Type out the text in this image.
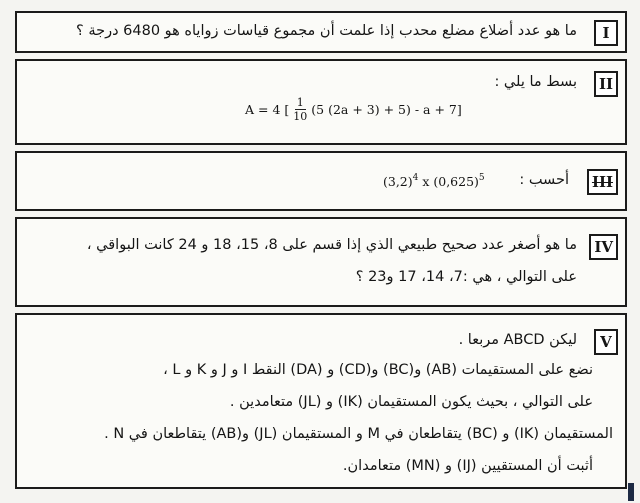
I
ما هو عدد أضلاع مضلع محدب إذا علمت أن مجموع قياسات زواياه هو 6480 درجة ؟
II
بسط ما يلي :
A = 4 [ $\frac{1}{10} (5$ (2a + 3) + 5) - a + 7]
III
أحسب :
$(3,2)^4$ x $(0,625)^5$
IV
ما هو أصغر عدد صحيح طبيعي الذي إذا قسم على 8، 15، 18 و 24 كانت البواقي ،
على التوالي ، هي :7، 14، 17 و23 ؟
V
ليكن ABCD مربعا .
نضع على المستقيمات (AB) و(BC) و(CD) و (DA) النقط I و J و K و L ،
على التوالي ، بحيث يكون المستقيمان (IK) و (JL) متعامدين .
المستقيمان (IK) و (BC) يتقاطعان في M و المستقيمان (JL) و(AB) يتقاطعان في N .
أثبت أن المستقيين (IJ) و (MN) متعامدان.
